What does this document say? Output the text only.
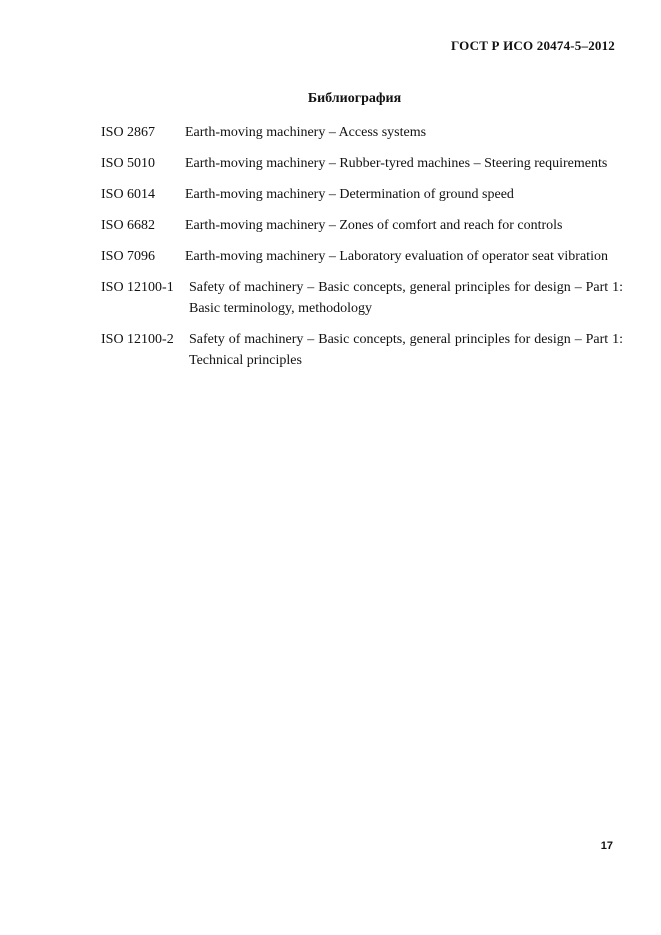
ГОСТ Р ИСО 20474-5–2012
Библиография
ISO 2867	Earth-moving machinery – Access systems
ISO 5010	Earth-moving machinery – Rubber-tyred machines – Steering requirements
ISO 6014	Earth-moving machinery – Determination of ground speed
ISO 6682	Earth-moving machinery – Zones of comfort and reach for controls
ISO 7096	Earth-moving machinery – Laboratory evaluation of operator seat vibration
ISO 12100-1	Safety of machinery – Basic concepts, general principles for design – Part 1: Basic terminology, methodology
ISO 12100-2	Safety of machinery – Basic concepts, general principles for design – Part 1: Technical principles
17
